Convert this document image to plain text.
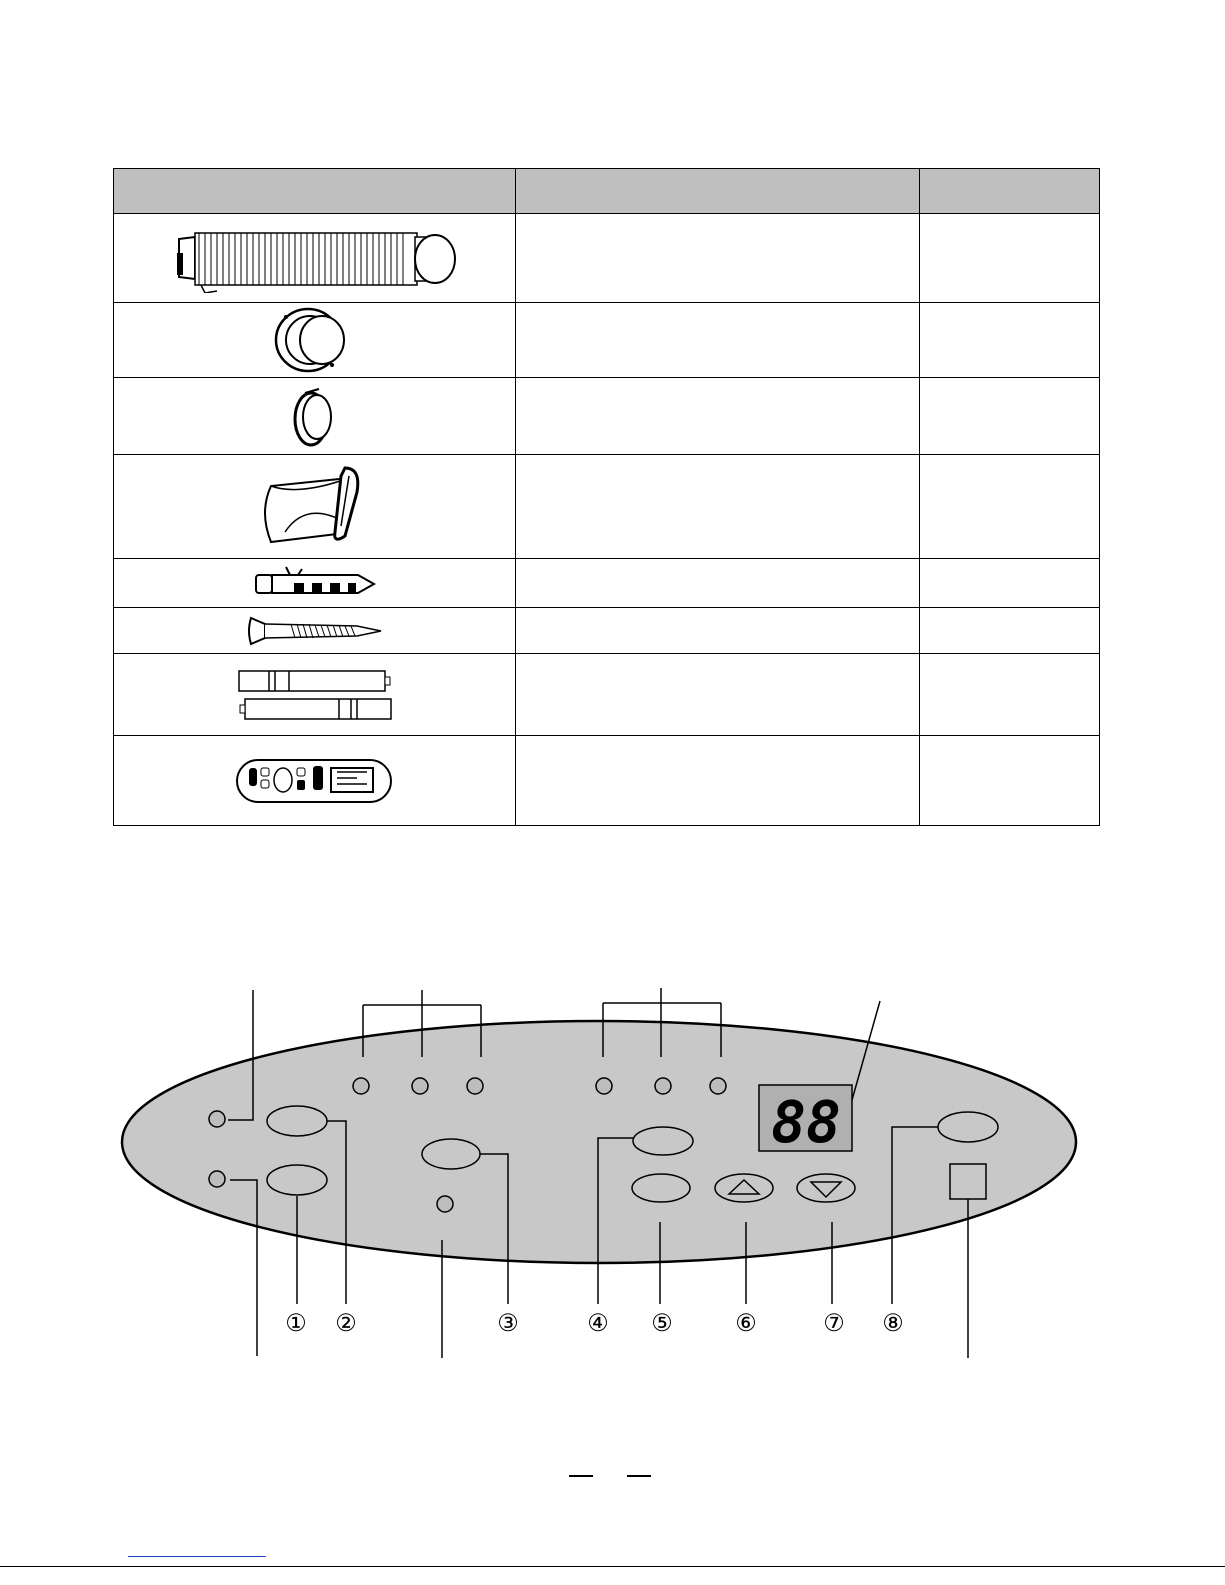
88
① ②	③	④ ⑤	⑥	⑦ ⑧
